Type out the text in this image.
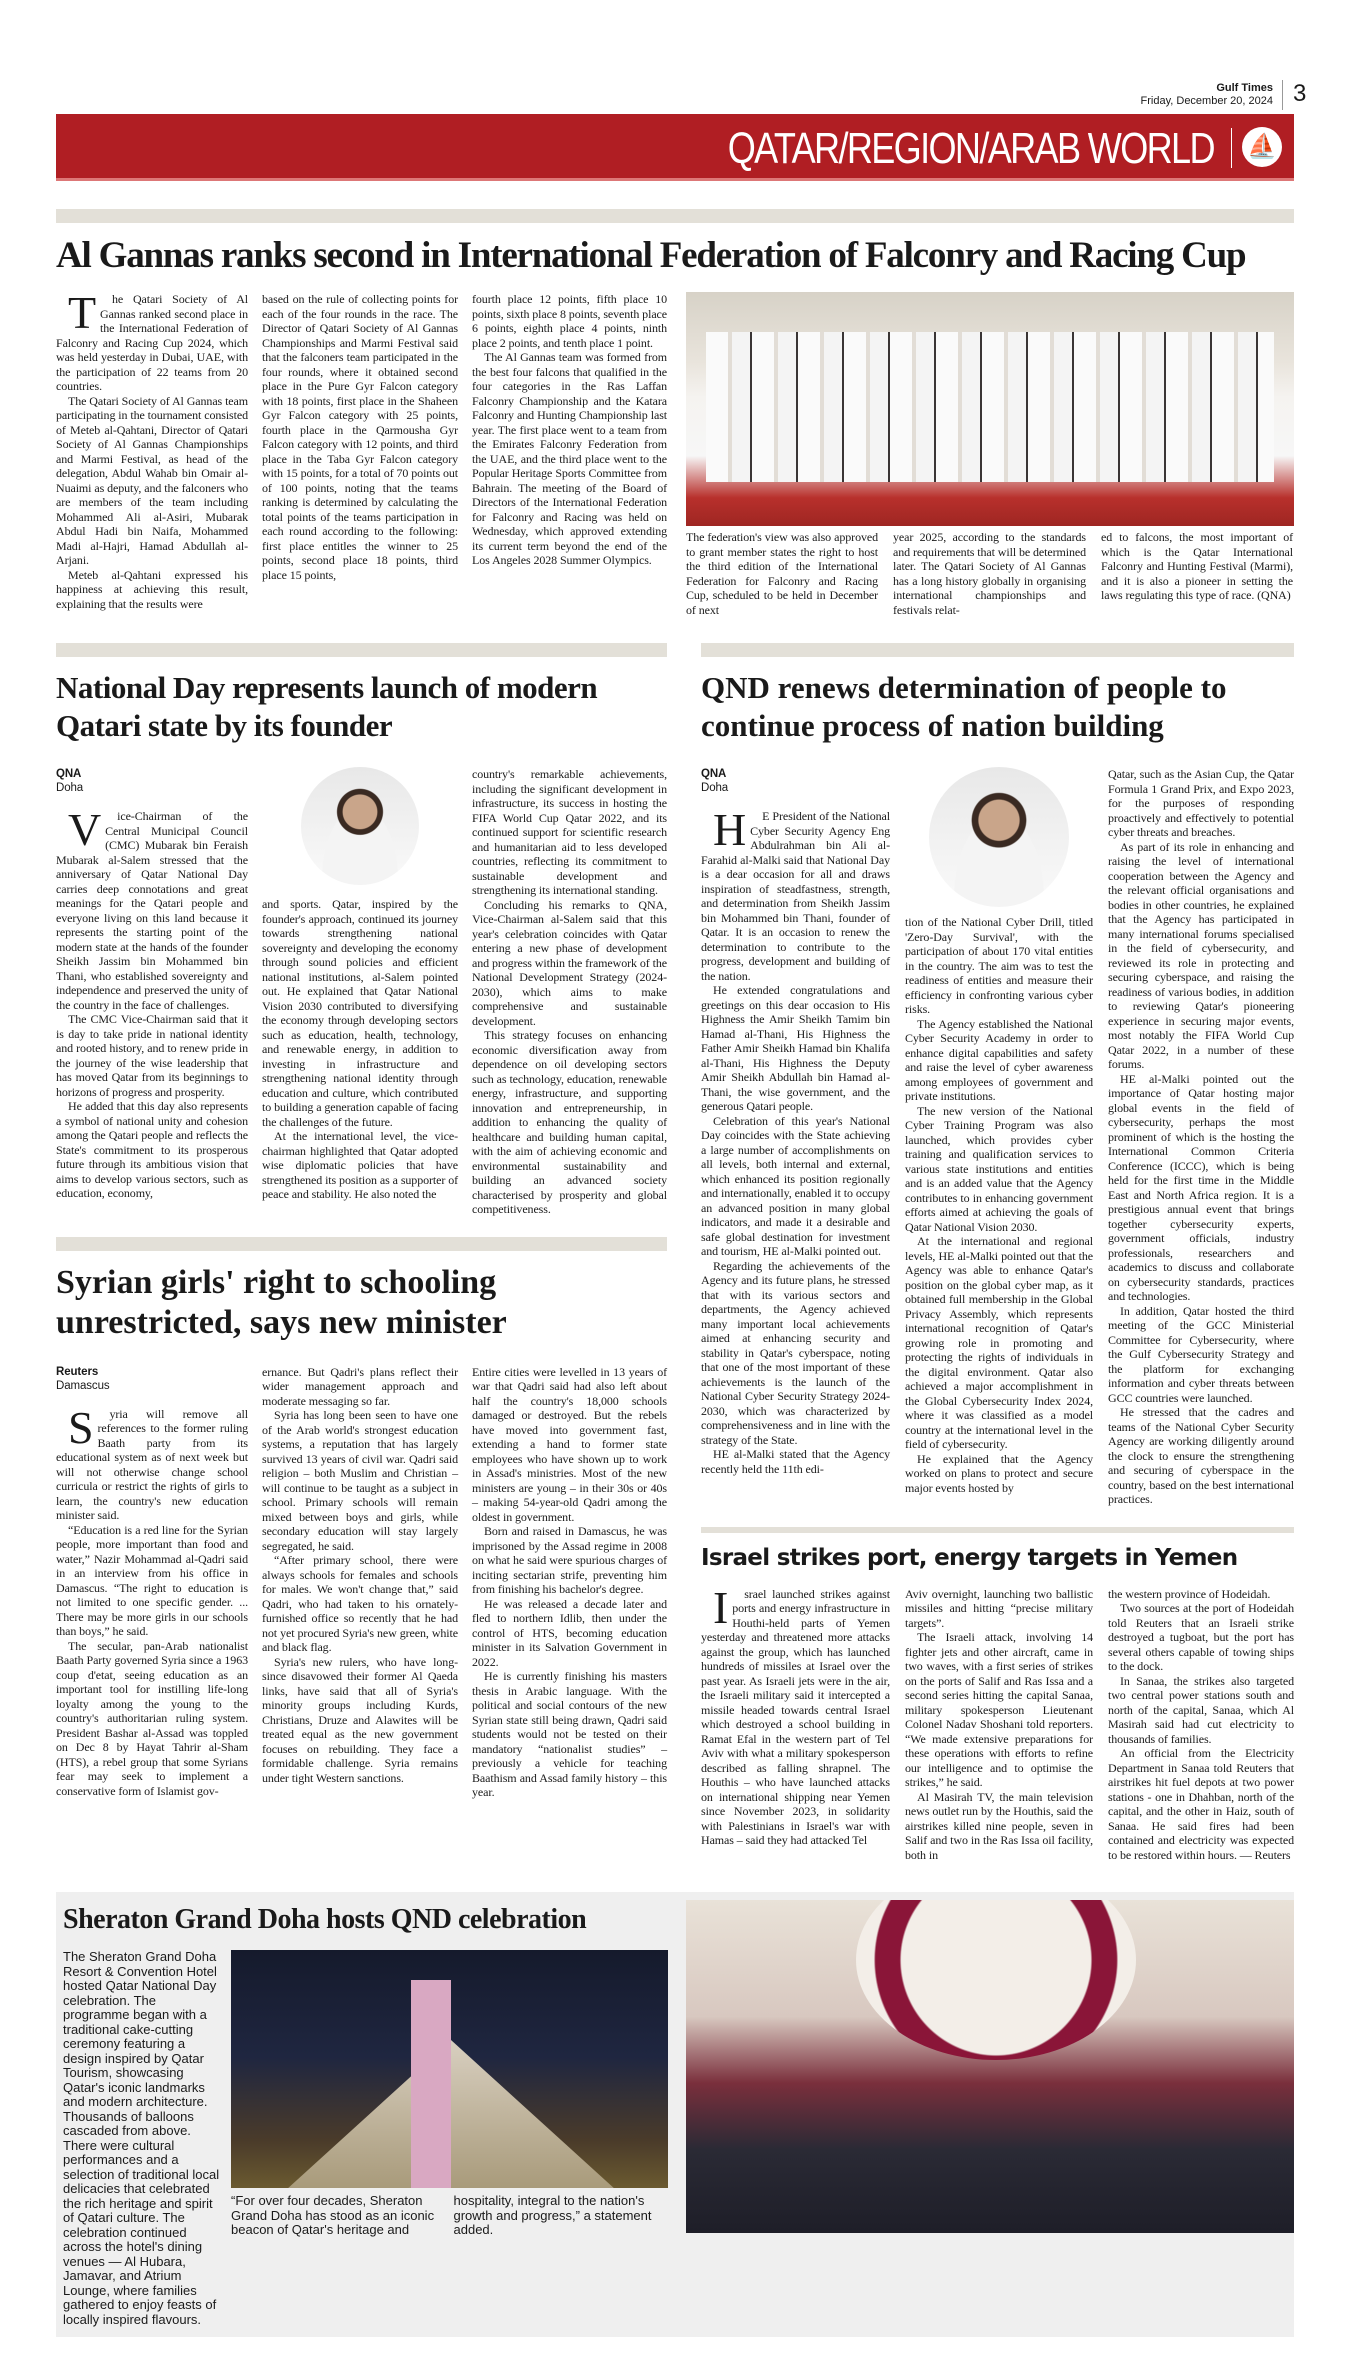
Gulf Times
Friday, December 20, 2024 3
QATAR/REGION/ARAB WORLD ⛵
Al Gannas ranks second in International Federation of Falconry and Racing Cup

The Qatari Society of Al Gannas ranked second place in the International Federation of Falconry and Racing Cup 2024, which was held yesterday in Dubai, UAE, with the participation of 22 teams from 20 countries.

The Qatari Society of Al Gannas team participating in the tournament consisted of Meteb al-Qahtani, Director of Qatari Society of Al Gannas Championships and Marmi Festival, as head of the delegation, Abdul Wahab bin Omair al-Nuaimi as deputy, and the falconers who are members of the team including Mohammed Ali al-Asiri, Mubarak Abdul Hadi bin Naifa, Mohammed Madi al-Hajri, Hamad Abdullah al-Arjani.

Meteb al-Qahtani expressed his happiness at achieving this result, explaining that the results were

based on the rule of collecting points for each of the four rounds in the race. The Director of Qatari Society of Al Gannas Championships and Marmi Festival said that the falconers team participated in the four rounds, where it obtained second place in the Pure Gyr Falcon category with 18 points, first place in the Shaheen Gyr Falcon category with 25 points, fourth place in the Qarmousha Gyr Falcon category with 12 points, and third place in the Taba Gyr Falcon category with 15 points, for a total of 70 points out of 100 points, noting that the teams ranking is determined by calculating the total points of the teams participation in each round according to the following: first place entitles the winner to 25 points, second place 18 points, third place 15 points,

fourth place 12 points, fifth place 10 points, sixth place 8 points, seventh place 6 points, eighth place 4 points, ninth place 2 points, and tenth place 1 point.

The Al Gannas team was formed from the best four falcons that qualified in the four categories in the Ras Laffan Falconry Championship and the Katara Falconry and Hunting Championship last year. The first place went to a team from the Emirates Falconry Federation from the UAE, and the third place went to the Popular Heritage Sports Committee from Bahrain. The meeting of the Board of Directors of the International Federation for Falconry and Racing was held on Wednesday, which approved extending its current term beyond the end of the Los Angeles 2028 Summer Olympics.

The federation's view was also approved to grant member states the right to host the third edition of the International Federation for Falconry and Racing Cup, scheduled to be held in December of next

year 2025, according to the standards and requirements that will be determined later. The Qatari Society of Al Gannas has a long history globally in organising international championships and festivals relat-

ed to falcons, the most important of which is the Qatar International Falconry and Hunting Festival (Marmi), and it is also a pioneer in setting the laws regulating this type of race. (QNA)

National Day represents launch of modern Qatari state by its founder
QNA
Doha

Vice-Chairman of the Central Municipal Council (CMC) Mubarak bin Feraish Mubarak al-Salem stressed that the anniversary of Qatar National Day carries deep connotations and great meanings for the Qatari people and everyone living on this land because it represents the starting point of the modern state at the hands of the founder Sheikh Jassim bin Mohammed bin Thani, who established sovereignty and independence and preserved the unity of the country in the face of challenges.

The CMC Vice-Chairman said that it is day to take pride in national identity and rooted history, and to renew pride in the journey of the wise leadership that has moved Qatar from its beginnings to horizons of progress and prosperity.

He added that this day also represents a symbol of national unity and cohesion among the Qatari people and reflects the State's commitment to its prosperous future through its ambitious vision that aims to develop various sectors, such as education, economy,

and sports. Qatar, inspired by the founder's approach, continued its journey towards strengthening national sovereignty and developing the economy through sound policies and efficient national institutions, al-Salem pointed out. He explained that Qatar National Vision 2030 contributed to diversifying the economy through developing sectors such as education, health, technology, and renewable energy, in addition to investing in infrastructure and strengthening national identity through education and culture, which contributed to building a generation capable of facing the challenges of the future.

At the international level, the vice-chairman highlighted that Qatar adopted wise diplomatic policies that have strengthened its position as a supporter of peace and stability. He also noted the

country's remarkable achievements, including the significant development in infrastructure, its success in hosting the FIFA World Cup Qatar 2022, and its continued support for scientific research and humanitarian aid to less developed countries, reflecting its commitment to sustainable development and strengthening its international standing.

Concluding his remarks to QNA, Vice-Chairman al-Salem said that this year's celebration coincides with Qatar entering a new phase of development and progress within the framework of the National Development Strategy (2024-2030), which aims to make comprehensive and sustainable development.

This strategy focuses on enhancing economic diversification away from dependence on oil developing sectors such as technology, education, renewable energy, infrastructure, and supporting innovation and entrepreneurship, in addition to enhancing the quality of healthcare and building human capital, with the aim of achieving economic and environmental sustainability and building an advanced society characterised by prosperity and global competitiveness.

Syrian girls' right to schooling unrestricted, says new minister
Reuters
Damascus

Syria will remove all references to the former ruling Baath party from its educational system as of next week but will not otherwise change school curricula or restrict the rights of girls to learn, the country's new education minister said.

“Education is a red line for the Syrian people, more important than food and water,” Nazir Mohammad al-Qadri said in an interview from his office in Damascus. “The right to education is not limited to one specific gender. ... There may be more girls in our schools than boys,” he said.

The secular, pan-Arab nationalist Baath Party governed Syria since a 1963 coup d'etat, seeing education as an important tool for instilling life-long loyalty among the young to the country's authoritarian ruling system. President Bashar al-Assad was toppled on Dec 8 by Hayat Tahrir al-Sham (HTS), a rebel group that some Syrians fear may seek to implement a conservative form of Islamist gov-

ernance. But Qadri's plans reflect their wider management approach and moderate messaging so far.

Syria has long been seen to have one of the Arab world's strongest education systems, a reputation that has largely survived 13 years of civil war. Qadri said religion – both Muslim and Christian – will continue to be taught as a subject in school. Primary schools will remain mixed between boys and girls, while secondary education will stay largely segregated, he said.

“After primary school, there were always schools for females and schools for males. We won't change that,” said Qadri, who had taken to his ornately-furnished office so recently that he had not yet procured Syria's new green, white and black flag.

Syria's new rulers, who have long-since disavowed their former Al Qaeda links, have said that all of Syria's minority groups including Kurds, Christians, Druze and Alawites will be treated equal as the new government focuses on rebuilding. They face a formidable challenge. Syria remains under tight Western sanctions.

Entire cities were levelled in 13 years of war that Qadri said had also left about half the country's 18,000 schools damaged or destroyed. But the rebels have moved into government fast, extending a hand to former state employees who have shown up to work in Assad's ministries. Most of the new ministers are young – in their 30s or 40s – making 54-year-old Qadri among the oldest in government.

Born and raised in Damascus, he was imprisoned by the Assad regime in 2008 on what he said were spurious charges of inciting sectarian strife, preventing him from finishing his bachelor's degree.

He was released a decade later and fled to northern Idlib, then under the control of HTS, becoming education minister in its Salvation Government in 2022.

He is currently finishing his masters thesis in Arabic language. With the political and social contours of the new Syrian state still being drawn, Qadri said students would not be tested on their mandatory “nationalist studies” – previously a vehicle for teaching Baathism and Assad family history – this year.

QND renews determination of people to continue process of nation building
QNA
Doha

HE President of the National Cyber Security Agency Eng Abdulrahman bin Ali al-Farahid al-Malki said that National Day is a dear occasion for all and draws inspiration of steadfastness, strength, and determination from Sheikh Jassim bin Mohammed bin Thani, founder of Qatar. It is an occasion to renew the determination to contribute to the progress, development and building of the nation.

He extended congratulations and greetings on this dear occasion to His Highness the Amir Sheikh Tamim bin Hamad al-Thani, His Highness the Father Amir Sheikh Hamad bin Khalifa al-Thani, His Highness the Deputy Amir Sheikh Abdullah bin Hamad al-Thani, the wise government, and the generous Qatari people.

Celebration of this year's National Day coincides with the State achieving a large number of accomplishments on all levels, both internal and external, which enhanced its position regionally and internationally, enabled it to occupy an advanced position in many global indicators, and made it a desirable and safe global destination for investment and tourism, HE al-Malki pointed out.

Regarding the achievements of the Agency and its future plans, he stressed that with its various sectors and departments, the Agency achieved many important local achievements aimed at enhancing security and stability in Qatar's cyberspace, noting that one of the most important of these achievements is the launch of the National Cyber Security Strategy 2024-2030, which was characterized by comprehensiveness and in line with the strategy of the State.

HE al-Malki stated that the Agency recently held the 11th edi-

tion of the National Cyber Drill, titled 'Zero-Day Survival', with the participation of about 170 vital entities in the country. The aim was to test the readiness of entities and measure their efficiency in confronting various cyber risks.

The Agency established the National Cyber Security Academy in order to enhance digital capabilities and safety and raise the level of cyber awareness among employees of government and private institutions.

The new version of the National Cyber Training Program was also launched, which provides cyber training and qualification services to various state institutions and entities and is an added value that the Agency contributes to in enhancing government efforts aimed at achieving the goals of Qatar National Vision 2030.

At the international and regional levels, HE al-Malki pointed out that the Agency was able to enhance Qatar's position on the global cyber map, as it obtained full membership in the Global Privacy Assembly, which represents international recognition of Qatar's growing role in promoting and protecting the rights of individuals in the digital environment. Qatar also achieved a major accomplishment in the Global Cybersecurity Index 2024, where it was classified as a model country at the international level in the field of cybersecurity.

He explained that the Agency worked on plans to protect and secure major events hosted by

Qatar, such as the Asian Cup, the Qatar Formula 1 Grand Prix, and Expo 2023, for the purposes of responding proactively and effectively to potential cyber threats and breaches.

As part of its role in enhancing and raising the level of international cooperation between the Agency and the relevant official organisations and bodies in other countries, he explained that the Agency has participated in many international forums specialised in the field of cybersecurity, and reviewed its role in protecting and securing cyberspace, and raising the readiness of various bodies, in addition to reviewing Qatar's pioneering experience in securing major events, most notably the FIFA World Cup Qatar 2022, in a number of these forums.

HE al-Malki pointed out the importance of Qatar hosting major global events in the field of cybersecurity, perhaps the most prominent of which is the hosting the International Common Criteria Conference (ICCC), which is being held for the first time in the Middle East and North Africa region. It is a prestigious annual event that brings together cybersecurity experts, government officials, industry professionals, researchers and academics to discuss and collaborate on cybersecurity standards, practices and technologies.

In addition, Qatar hosted the third meeting of the GCC Ministerial Committee for Cybersecurity, where the Gulf Cybersecurity Strategy and the platform for exchanging information and cyber threats between GCC countries were launched.

He stressed that the cadres and teams of the National Cyber Security Agency are working diligently around the clock to ensure the strengthening and securing of cyberspace in the country, based on the best international practices.

Israel strikes port, energy targets in Yemen

Israel launched strikes against ports and energy infrastructure in Houthi-held parts of Yemen yesterday and threatened more attacks against the group, which has launched hundreds of missiles at Israel over the past year. As Israeli jets were in the air, the Israeli military said it intercepted a missile headed towards central Israel which destroyed a school building in Ramat Efal in the western part of Tel Aviv with what a military spokesperson described as falling shrapnel. The Houthis – who have launched attacks on international shipping near Yemen since November 2023, in solidarity with Palestinians in Israel's war with Hamas – said they had attacked Tel

Aviv overnight, launching two ballistic missiles and hitting “precise military targets”.

The Israeli attack, involving 14 fighter jets and other aircraft, came in two waves, with a first series of strikes on the ports of Salif and Ras Issa and a second series hitting the capital Sanaa, military spokesperson Lieutenant Colonel Nadav Shoshani told reporters. “We made extensive preparations for these operations with efforts to refine our intelligence and to optimise the strikes,” he said.

Al Masirah TV, the main television news outlet run by the Houthis, said the airstrikes killed nine people, seven in Salif and two in the Ras Issa oil facility, both in

the western province of Hodeidah.

Two sources at the port of Hodeidah told Reuters that an Israeli strike destroyed a tugboat, but the port has several others capable of towing ships to the dock.

In Sanaa, the strikes also targeted two central power stations south and north of the capital, Sanaa, which Al Masirah said had cut electricity to thousands of families.

An official from the Electricity Department in Sanaa told Reuters that airstrikes hit fuel depots at two power stations - one in Dhahban, north of the capital, and the other in Haiz, south of Sanaa. He said fires had been contained and electricity was expected to be restored within hours. — Reuters

Sheraton Grand Doha hosts QND celebration

The Sheraton Grand Doha Resort & Convention Hotel hosted Qatar National Day celebration. The programme began with a traditional cake-cutting ceremony featuring a design inspired by Qatar Tourism, showcasing Qatar's iconic landmarks and modern architecture.

Thousands of balloons cascaded from above. There were cultural performances and a selection of traditional local delicacies that celebrated the rich heritage and spirit of Qatari culture. The celebration continued across the hotel's dining venues — Al Hubara, Jamavar, and Atrium Lounge, where families gathered to enjoy feasts of locally inspired flavours.

“For over four decades, Sheraton Grand Doha has stood as an iconic beacon of Qatar's heritage and

hospitality, integral to the nation's growth and progress,” a statement added.
